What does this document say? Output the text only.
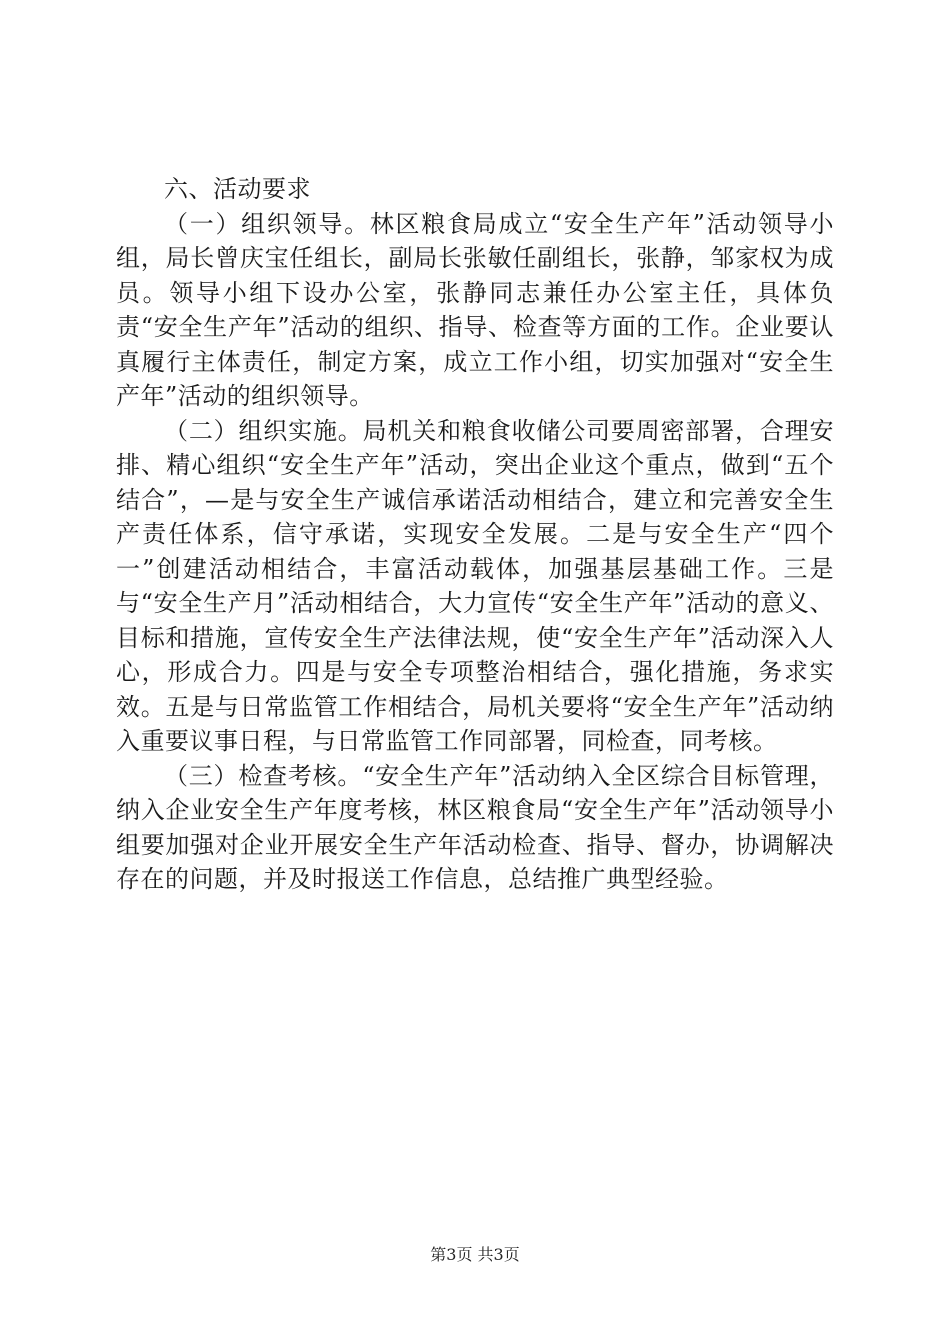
六、活动要求

（一）组织领导。林区粮食局成立“安全生产年”活动领导小组，局长曾庆宝任组长，副局长张敏任副组长，张静，邹家权为成员。领导小组下设办公室，张静同志兼任办公室主任，具体负责“安全生产年”活动的组织、指导、检查等方面的工作。企业要认真履行主体责任，制定方案，成立工作小组，切实加强对“安全生产年”活动的组织领导。

（二）组织实施。局机关和粮食收储公司要周密部署，合理安排、精心组织“安全生产年”活动，突出企业这个重点，做到“五个结合”，—是与安全生产诚信承诺活动相结合，建立和完善安全生产责任体系，信守承诺，实现安全发展。二是与安全生产“四个一”创建活动相结合，丰富活动载体，加强基层基础工作。三是与“安全生产月”活动相结合，大力宣传“安全生产年”活动的意义、目标和措施，宣传安全生产法律法规，使“安全生产年”活动深入人心，形成合力。四是与安全专项整治相结合，强化措施，务求实效。五是与日常监管工作相结合，局机关要将“安全生产年”活动纳入重要议事日程，与日常监管工作同部署，同检查，同考核。

（三）检查考核。“安全生产年”活动纳入全区综合目标管理，纳入企业安全生产年度考核，林区粮食局“安全生产年”活动领导小组要加强对企业开展安全生产年活动检查、指导、督办，协调解决存在的问题，并及时报送工作信息，总结推广典型经验。

第3页 共3页
